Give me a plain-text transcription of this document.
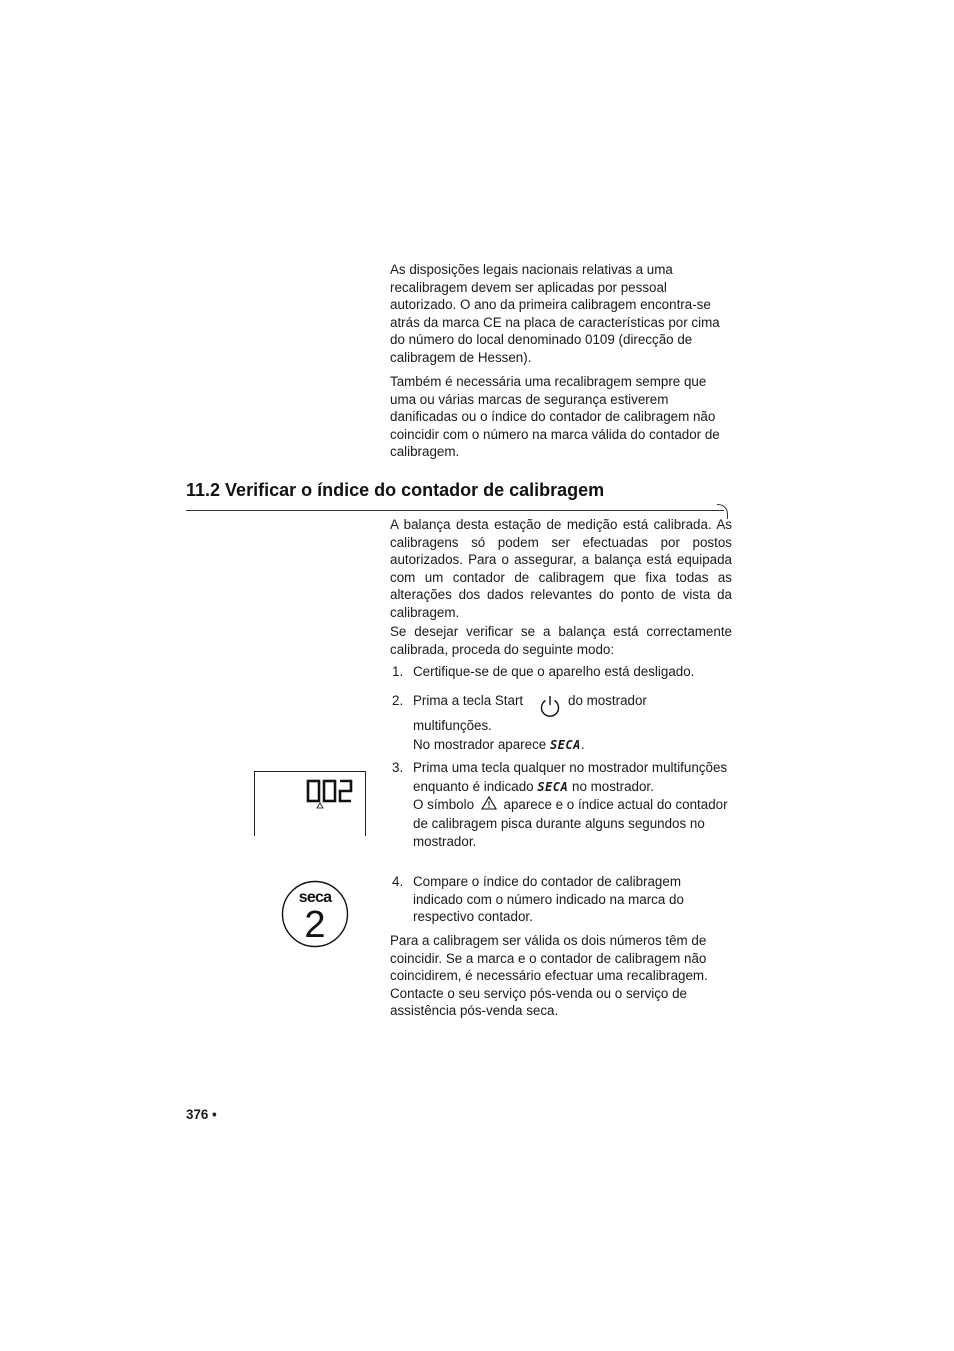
As disposições legais nacionais relativas a uma recalibragem devem ser aplicadas por pessoal autorizado. O ano da primeira calibragem encontra-se atrás da marca CE na placa de características por cima do número do local denominado 0109 (direcção de calibragem de Hessen).
Também é necessária uma recalibragem sempre que uma ou várias marcas de segurança estiverem danificadas ou o índice do contador de calibragem não coincidir com o número na marca válida do contador de calibragem.
11.2 Verificar o índice do contador de calibragem
A balança desta estação de medição está calibrada. As calibragens só podem ser efectuadas por postos autorizados. Para o assegurar, a balança está equipada com um contador de calibragem que fixa todas as alterações dos dados relevantes do ponto de vista da calibragem.
Se desejar verificar se a balança está correctamente calibrada, proceda do seguinte modo:
1. Certifique-se de que o aparelho está desligado.
2. Prima a tecla Start	do mostrador
multifunções.
No mostrador aparece SECA.
3. Prima uma tecla qualquer no mostrador multifunções enquanto é indicado SECA no mostrador.
O símbolo aparece e o índice actual do contador de calibragem pisca durante alguns segundos no mostrador.
4. Compare o índice do contador de calibragem indicado com o número indicado na marca do respectivo contador.
Para a calibragem ser válida os dois números têm de coincidir. Se a marca e o contador de calibragem não coincidirem, é necessário efectuar uma recalibragem. Contacte o seu serviço pós-venda ou o serviço de assistência pós-venda seca.
002
seca
2
376 •
